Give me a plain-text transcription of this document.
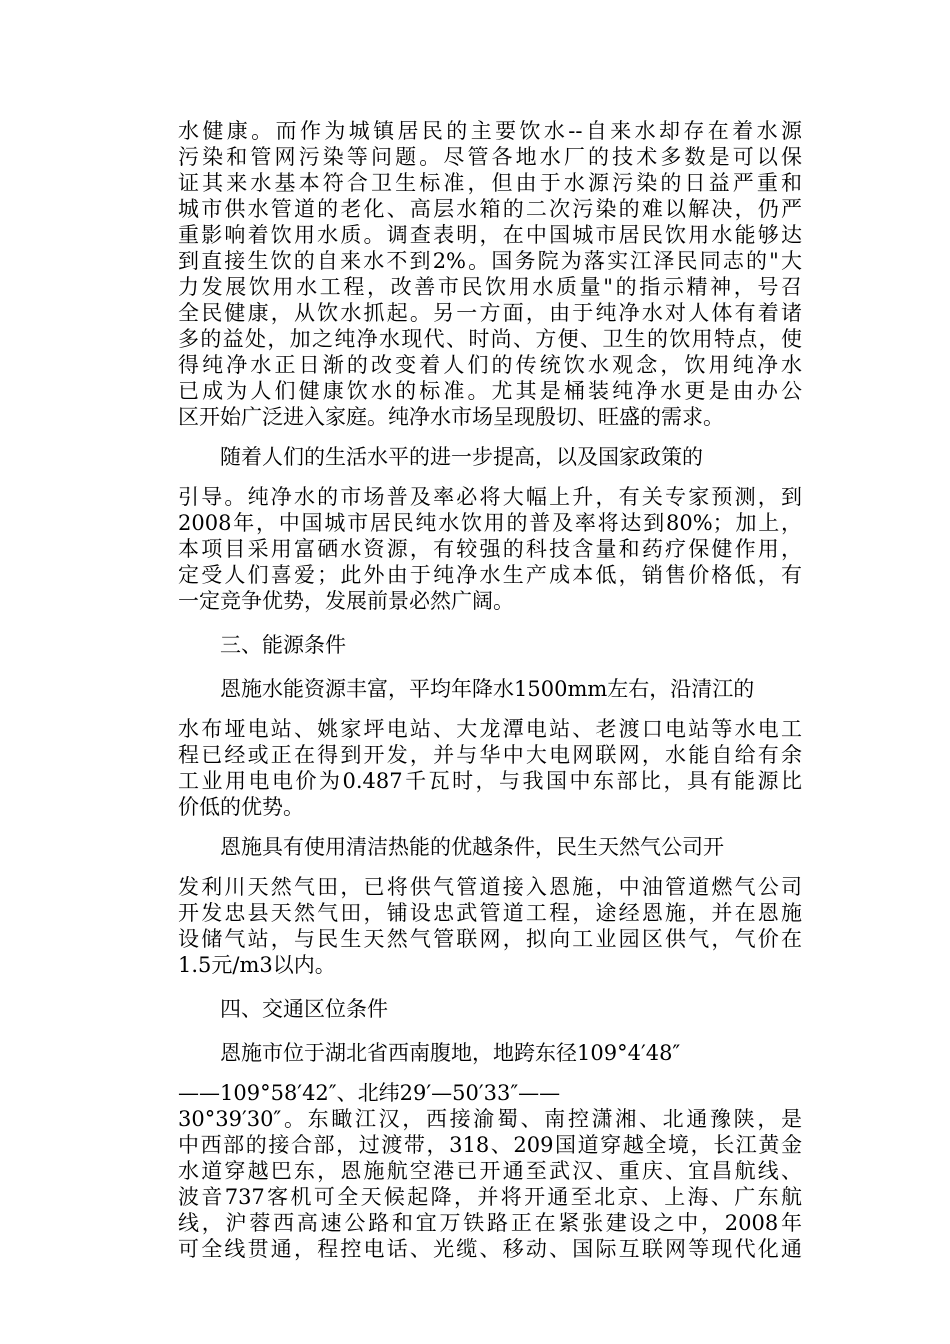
水健康。而作为城镇居民的主要饮水--自来水却存在着水源
污染和管网污染等问题。尽管各地水厂的技术多数是可以保
证其来水基本符合卫生标准，但由于水源污染的日益严重和
城市供水管道的老化、高层水箱的二次污染的难以解决，仍严
重影响着饮用水质。调查表明，在中国城市居民饮用水能够达
到直接生饮的自来水不到2%。国务院为落实江泽民同志的"大
力发展饮用水工程，改善市民饮用水质量"的指示精神，号召
全民健康，从饮水抓起。另一方面，由于纯净水对人体有着诸
多的益处，加之纯净水现代、时尚、方便、卫生的饮用特点，使
得纯净水正日渐的改变着人们的传统饮水观念，饮用纯净水
已成为人们健康饮水的标准。尤其是桶装纯净水更是由办公
区开始广泛进入家庭。纯净水市场呈现殷切、旺盛的需求。
随着人们的生活水平的进一步提高，以及国家政策的
引导。纯净水的市场普及率必将大幅上升，有关专家预测，到
2008年，中国城市居民纯水饮用的普及率将达到80%；加上，
本项目采用富硒水资源，有较强的科技含量和药疗保健作用，
定受人们喜爱；此外由于纯净水生产成本低，销售价格低，有
一定竞争优势，发展前景必然广阔。
三、能源条件
恩施水能资源丰富，平均年降水1500mm左右，沿清江的
水布垭电站、姚家坪电站、大龙潭电站、老渡口电站等水电工
程已经或正在得到开发，并与华中大电网联网，水能自给有余
工业用电电价为0.487千瓦时，与我国中东部比，具有能源比
价低的优势。
恩施具有使用清洁热能的优越条件，民生天然气公司开
发利川天然气田，已将供气管道接入恩施，中油管道燃气公司
开发忠县天然气田，铺设忠武管道工程，途经恩施，并在恩施
设储气站，与民生天然气管联网，拟向工业园区供气，气价在
1.5元/m3以内。
四、交通区位条件
恩施市位于湖北省西南腹地，地跨东径109°4′48″
——109°58′42″、北纬29′—50′33″——
30°39′30″。东瞰江汉，西接渝蜀、南控潇湘、北通豫陕，是
中西部的接合部，过渡带，318、209国道穿越全境，长江黄金
水道穿越巴东，恩施航空港已开通至武汉、重庆、宜昌航线、
波音737客机可全天候起降，并将开通至北京、上海、广东航
线，沪蓉西高速公路和宜万铁路正在紧张建设之中，2008年
可全线贯通，程控电话、光缆、移动、国际互联网等现代化通
